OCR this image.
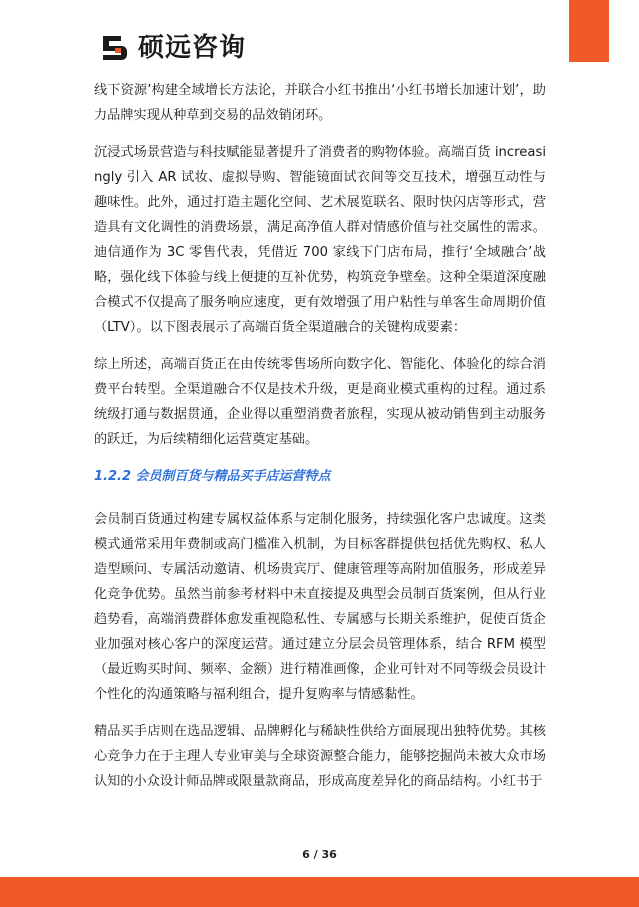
硕远咨询

线下资源’构建全域增长方法论，并联合小红书推出‘小红书增长加速计划’，助力品牌实现从种草到交易的品效销闭环。

沉浸式场景营造与科技赋能显著提升了消费者的购物体验。高端百货 increasingly 引入 AR 试妆、虚拟导购、智能镜面试衣间等交互技术，增强互动性与趣味性。此外，通过打造主题化空间、艺术展览联名、限时快闪店等形式，营造具有文化调性的消费场景，满足高净值人群对情感价值与社交属性的需求。迪信通作为 3C 零售代表，凭借近 700 家线下门店布局，推行‘全域融合’战略，强化线下体验与线上便捷的互补优势，构筑竞争壁垒。这种全渠道深度融合模式不仅提高了服务响应速度，更有效增强了用户粘性与单客生命周期价值（LTV）。以下图表展示了高端百货全渠道融合的关键构成要素：

综上所述，高端百货正在由传统零售场所向数字化、智能化、体验化的综合消费平台转型。全渠道融合不仅是技术升级，更是商业模式重构的过程。通过系统级打通与数据贯通，企业得以重塑消费者旅程，实现从被动销售到主动服务的跃迁，为后续精细化运营奠定基础。

1.2.2 会员制百货与精品买手店运营特点

会员制百货通过构建专属权益体系与定制化服务，持续强化客户忠诚度。这类模式通常采用年费制或高门槛准入机制，为目标客群提供包括优先购权、私人造型顾问、专属活动邀请、机场贵宾厅、健康管理等高附加值服务，形成差异化竞争优势。虽然当前参考材料中未直接提及典型会员制百货案例，但从行业趋势看，高端消费群体愈发重视隐私性、专属感与长期关系维护，促使百货企业加强对核心客户的深度运营。通过建立分层会员管理体系，结合 RFM 模型（最近购买时间、频率、金额）进行精准画像，企业可针对不同等级会员设计个性化的沟通策略与福利组合，提升复购率与情感黏性。

精品买手店则在选品逻辑、品牌孵化与稀缺性供给方面展现出独特优势。其核心竞争力在于主理人专业审美与全球资源整合能力，能够挖掘尚未被大众市场认知的小众设计师品牌或限量款商品，形成高度差异化的商品结构。小红书于

6 / 36
